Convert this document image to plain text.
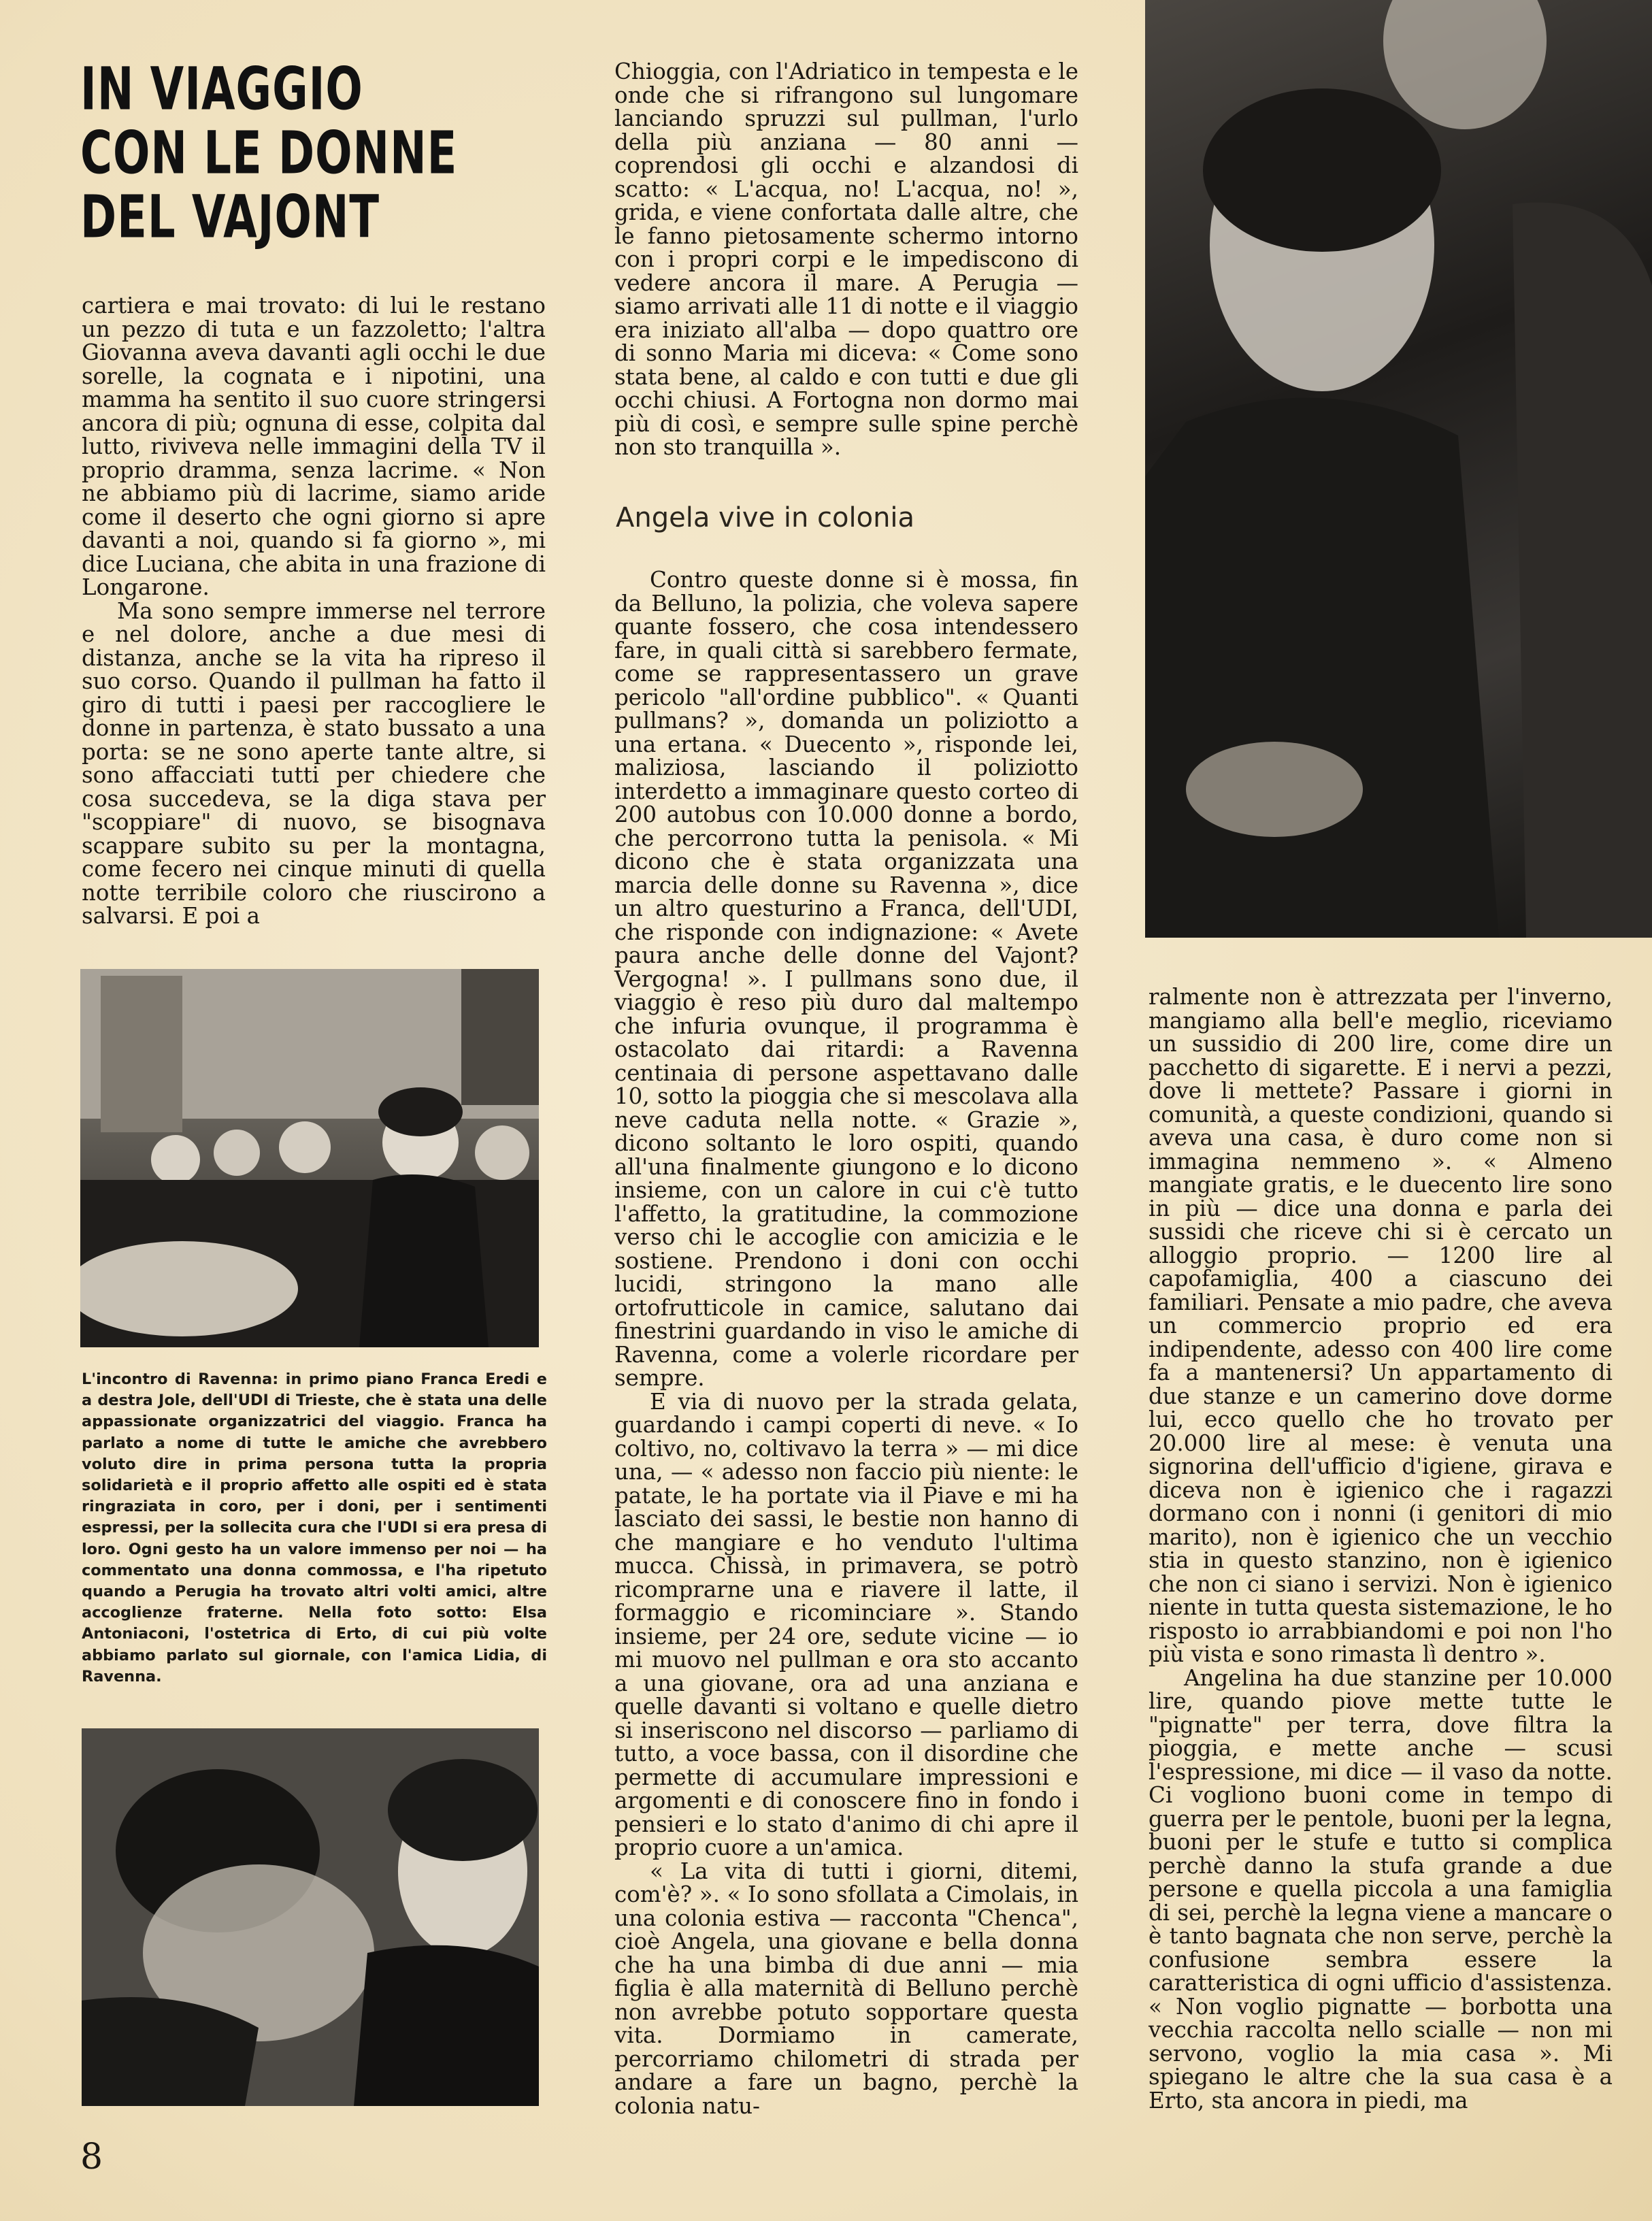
IN VIAGGIO
CON LE DONNE
DEL VAJONT

cartiera e mai trovato: di lui le restano un pezzo di tuta e un fazzoletto; l'altra Giovanna aveva davanti agli occhi le due sorelle, la cognata e i nipotini, una mamma ha sentito il suo cuore stringersi ancora di più; ognuna di esse, colpita dal lutto, riviveva nelle immagini della TV il proprio dramma, senza lacrime. « Non ne abbiamo più di lacrime, siamo aride come il deserto che ogni giorno si apre davanti a noi, quando si fa giorno », mi dice Luciana, che abita in una frazione di Longarone.

Ma sono sempre immerse nel terrore e nel dolore, anche a due mesi di distanza, anche se la vita ha ripreso il suo corso. Quando il pullman ha fatto il giro di tutti i paesi per raccogliere le donne in partenza, è stato bussato a una porta: se ne sono aperte tante altre, si sono affacciati tutti per chiedere che cosa succedeva, se la diga stava per "scoppiare" di nuovo, se bisognava scappare subito su per la montagna, come fecero nei cinque minuti di quella notte terribile coloro che riuscirono a salvarsi. E poi a

L'incontro di Ravenna: in primo piano Franca Eredi e a destra Jole, dell'UDI di Trieste, che è stata una delle appassionate organizzatrici del viaggio. Franca ha parlato a nome di tutte le amiche che avrebbero voluto dire in prima persona tutta la propria solidarietà e il proprio affetto alle ospiti ed è stata ringraziata in coro, per i doni, per i sentimenti espressi, per la sollecita cura che l'UDI si era presa di loro. Ogni gesto ha un valore immenso per noi — ha commentato una donna commossa, e l'ha ripetuto quando a Perugia ha trovato altri volti amici, altre accoglienze fraterne. Nella foto sotto: Elsa Antoniaconi, l'ostetrica di Erto, di cui più volte abbiamo parlato sul giornale, con l'amica Lidia, di Ravenna.

Chioggia, con l'Adriatico in tempesta e le onde che si rifrangono sul lungomare lanciando spruzzi sul pullman, l'urlo della più anziana — 80 anni — coprendosi gli occhi e alzandosi di scatto: « L'acqua, no! L'acqua, no! », grida, e viene confortata dalle altre, che le fanno pietosamente schermo intorno con i propri corpi e le impediscono di vedere ancora il mare. A Perugia — siamo arrivati alle 11 di notte e il viaggio era iniziato all'alba — dopo quattro ore di sonno Maria mi diceva: « Come sono stata bene, al caldo e con tutti e due gli occhi chiusi. A Fortogna non dormo mai più di così, e sempre sulle spine perchè non sto tranquilla ».

Angela vive in colonia

Contro queste donne si è mossa, fin da Belluno, la polizia, che voleva sapere quante fossero, che cosa intendessero fare, in quali città si sarebbero fermate, come se rappresentassero un grave pericolo "all'ordine pubblico". « Quanti pullmans? », domanda un poliziotto a una ertana. « Duecento », risponde lei, maliziosa, lasciando il poliziotto interdetto a immaginare questo corteo di 200 autobus con 10.000 donne a bordo, che percorrono tutta la penisola. « Mi dicono che è stata organizzata una marcia delle donne su Ravenna », dice un altro questurino a Franca, dell'UDI, che risponde con indignazione: « Avete paura anche delle donne del Vajont? Vergogna! ». I pullmans sono due, il viaggio è reso più duro dal maltempo che infuria ovunque, il programma è ostacolato dai ritardi: a Ravenna centinaia di persone aspettavano dalle 10, sotto la pioggia che si mescolava alla neve caduta nella notte. « Grazie », dicono soltanto le loro ospiti, quando all'una finalmente giungono e lo dicono insieme, con un calore in cui c'è tutto l'affetto, la gratitudine, la commozione verso chi le accoglie con amicizia e le sostiene. Prendono i doni con occhi lucidi, stringono la mano alle ortofrutticole in camice, salutano dai finestrini guardando in viso le amiche di Ravenna, come a volerle ricordare per sempre.

E via di nuovo per la strada gelata, guardando i campi coperti di neve. « Io coltivo, no, coltivavo la terra » — mi dice una, — « adesso non faccio più niente: le patate, le ha portate via il Piave e mi ha lasciato dei sassi, le bestie non hanno di che mangiare e ho venduto l'ultima mucca. Chissà, in primavera, se potrò ricomprarne una e riavere il latte, il formaggio e ricominciare ». Stando insieme, per 24 ore, sedute vicine — io mi muovo nel pullman e ora sto accanto a una giovane, ora ad una anziana e quelle davanti si voltano e quelle dietro si inseriscono nel discorso — parliamo di tutto, a voce bassa, con il disordine che permette di accumulare impressioni e argomenti e di conoscere fino in fondo i pensieri e lo stato d'animo di chi apre il proprio cuore a un'amica.

« La vita di tutti i giorni, ditemi, com'è? ». « Io sono sfollata a Cimolais, in una colonia estiva — racconta "Chenca", cioè Angela, una giovane e bella donna che ha una bimba di due anni — mia figlia è alla maternità di Belluno perchè non avrebbe potuto sopportare questa vita. Dormiamo in camerate, percorriamo chilometri di strada per andare a fare un bagno, perchè la colonia natu-

ralmente non è attrezzata per l'inverno, mangiamo alla bell'e meglio, riceviamo un sussidio di 200 lire, come dire un pacchetto di sigarette. E i nervi a pezzi, dove li mettete? Passare i giorni in comunità, a queste condizioni, quando si aveva una casa, è duro come non si immagina nemmeno ». « Almeno mangiate gratis, e le duecento lire sono in più — dice una donna e parla dei sussidi che riceve chi si è cercato un alloggio proprio. — 1200 lire al capofamiglia, 400 a ciascuno dei familiari. Pensate a mio padre, che aveva un commercio proprio ed era indipendente, adesso con 400 lire come fa a mantenersi? Un appartamento di due stanze e un camerino dove dorme lui, ecco quello che ho trovato per 20.000 lire al mese: è venuta una signorina dell'ufficio d'igiene, girava e diceva non è igienico che i ragazzi dormano con i nonni (i genitori di mio marito), non è igienico che un vecchio stia in questo stanzino, non è igienico che non ci siano i servizi. Non è igienico niente in tutta questa sistemazione, le ho risposto io arrabbiandomi e poi non l'ho più vista e sono rimasta lì dentro ».

Angelina ha due stanzine per 10.000 lire, quando piove mette tutte le "pignatte" per terra, dove filtra la pioggia, e mette anche — scusi l'espressione, mi dice — il vaso da notte. Ci vogliono buoni come in tempo di guerra per le pentole, buoni per la legna, buoni per le stufe e tutto si complica perchè danno la stufa grande a due persone e quella piccola a una famiglia di sei, perchè la legna viene a mancare o è tanto bagnata che non serve, perchè la confusione sembra essere la caratteristica di ogni ufficio d'assistenza. « Non voglio pignatte — borbotta una vecchia raccolta nello scialle — non mi servono, voglio la mia casa ». Mi spiegano le altre che la sua casa è a Erto, sta ancora in piedi, ma

8
